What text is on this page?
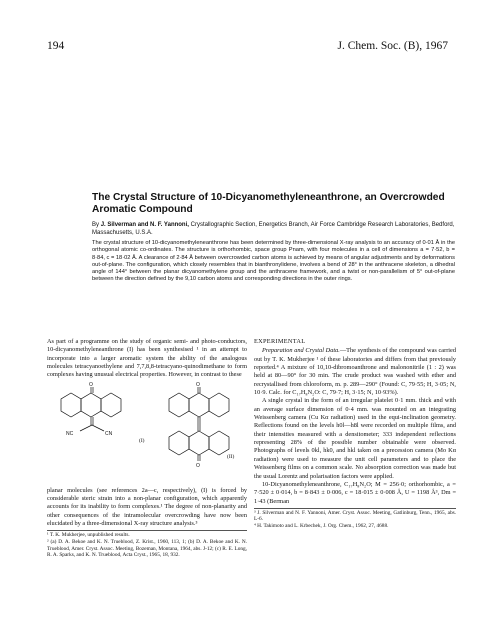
194	J. Chem. Soc. (B), 1967
The Crystal Structure of 10-Dicyanomethyleneanthrone, an Overcrowded Aromatic Compound
By J. Silverman and N. F. Yannoni, Crystallographic Section, Energetics Branch, Air Force Cambridge Research Laboratories, Bedford, Massachusetts, U.S.A.
The crystal structure of 10-dicyanomethyleneanthrone has been determined by three-dimensional X-ray analysis to an accuracy of 0·01 Å in the orthogonal atomic co-ordinates. The structure is orthorhombic, space group Pnam, with four molecules in a cell of dimensions a = 7·52, b = 8·84, c = 18·02 Å. A clearance of 2·84 Å between overcrowded carbon atoms is achieved by means of angular adjustments and by deformations out-of-plane. The configuration, which closely resembles that in bianthronylidene, involves a bend of 28° in the anthracene skeleton, a dihedral angle of 144° between the planar dicyanomethylene group and the anthracene framework, and a twist or non-parallelism of 5° out-of-plane between the direction defined by the 9,10 carbon atoms and corresponding directions in the outer rings.

As part of a programme on the study of organic semi- and photo-conductors, 10-dicyanomethyleneanthrone (I) has been synthesised ¹ in an attempt to incorporate into a larger aromatic system the ability of the analogous molecules tetracyanoethylene and 7,7,8,8-tetracyano-quinodimethane to form complexes having unusual electrical properties. However, in contrast to these

O
NC	CN
O
O
(I)
(II)

planar molecules (see references 2a—c, respectively), (I) is forced by considerable steric strain into a non-planar configuration, which apparently accounts for its inability to form complexes.¹ The degree of non-planarity and other consequences of the intramolecular overcrowding have now been elucidated by a three-dimensional X-ray structure analysis.³

¹ T. K. Mukherjee, unpublished results.
² (a) D. A. Bekoe and K. N. Trueblood, Z. Krist., 1960, 113, 1; (b) D. A. Bekoe and K. N. Trueblood, Amer. Cryst. Assoc. Meeting, Bozeman, Montana, 1964, abs. J-12; (c) R. E. Long, R. A. Sparks, and K. N. Trueblood, Acta Cryst., 1965, 18, 932.
EXPERIMENTAL

Preparation and Crystal Data.—The synthesis of the compound was carried out by T. K. Mukherjee ¹ of these laboratories and differs from that previously reported.⁴ A mixture of 10,10-dibromoanthrone and malononitrile (1 : 2) was held at 80—90° for 30 min. The crude product was washed with ether and recrystallised from chloroform, m. p. 289—290° (Found: C, 79·55; H, 3·05; N, 10·9. Calc. for C₁₇H₈N₂O: C, 79·7; H, 3·15; N, 10·93%).

A single crystal in the form of an irregular platelet 0·1 mm. thick and with an average surface dimension of 0·4 mm. was mounted on an integrating Weissenberg camera (Cu Kα radiation) used in the equi-inclination geometry. Reflections found on the levels h0l—h8l were recorded on multiple films, and their intensities measured with a densitometer; 333 independent reflections representing 28% of the possible number obtainable were observed. Photographs of levels 0kl, hk0, and hkl taken on a precession camera (Mo Kα radiation) were used to measure the unit cell parameters and to place the Weissenberg films on a common scale. No absorption correction was made but the usual Lorentz and polarisation factors were applied.

10-Dicyanomethyleneanthrone, C₁₇H₈N₂O; M = 256·0; orthorhombic, a = 7·520 ± 0·014, b = 8·843 ± 0·006, c = 18·015 ± 0·008 Å, U = 1198 Å³, Dm = 1·43 (Berman

³ J. Silverman and N. F. Yannoni, Amer. Cryst. Assoc. Meeting, Gatlinburg, Tenn., 1965, abs. L-6.
⁴ H. Takimoto and L. Krbechek, J. Org. Chem., 1962, 27, 4688.
